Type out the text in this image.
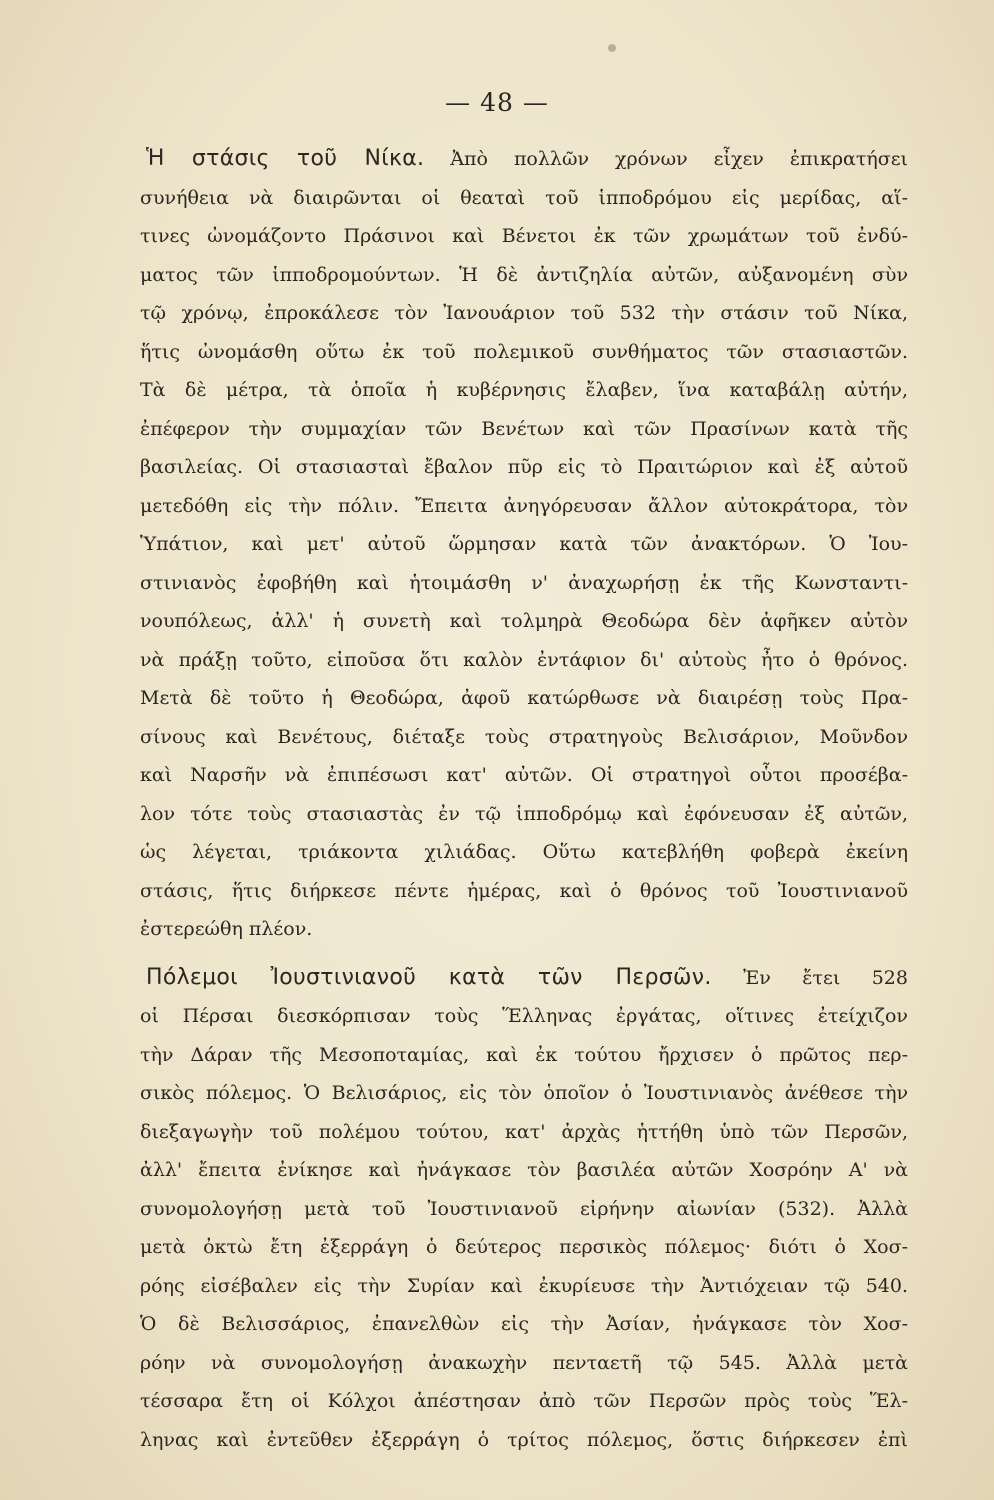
— 48 —
Ἡ στάσις τοῦ Νίκα. Ἀπὸ πολλῶν χρόνων εἶχεν ἐπικρατήσει
συνήθεια νὰ διαιρῶνται οἱ θεαταὶ τοῦ ἱπποδρόμου εἰς μερίδας, αἵ-
τινες ὠνομάζοντο Πράσινοι καὶ Βένετοι ἐκ τῶν χρωμάτων τοῦ ἐνδύ-
ματος τῶν ἱπποδρομούντων. Ἡ δὲ ἀντιζηλία αὐτῶν, αὐξανομένη σὺν
τῷ χρόνῳ, ἐπροκάλεσε τὸν Ἰανουάριον τοῦ 532 τὴν στάσιν τοῦ Νίκα,
ἥτις ὠνομάσθη οὕτω ἐκ τοῦ πολεμικοῦ συνθήματος τῶν στασιαστῶν.
Τὰ δὲ μέτρα, τὰ ὁποῖα ἡ κυβέρνησις ἔλαβεν, ἵνα καταβάλῃ αὐτήν,
ἐπέφερον τὴν συμμαχίαν τῶν Βενέτων καὶ τῶν Πρασίνων κατὰ τῆς
βασιλείας. Οἱ στασιασταὶ ἔβαλον πῦρ εἰς τὸ Πραιτώριον καὶ ἐξ αὐτοῦ
μετεδόθη εἰς τὴν πόλιν. Ἔπειτα ἀνηγόρευσαν ἄλλον αὐτοκράτορα, τὸν
Ὑπάτιον, καὶ μετ' αὐτοῦ ὥρμησαν κατὰ τῶν ἀνακτόρων. Ὁ Ἰου-
στινιανὸς ἐφοβήθη καὶ ἡτοιμάσθη ν' ἀναχωρήσῃ ἐκ τῆς Κωνσταντι-
νουπόλεως, ἀλλ' ἡ συνετὴ καὶ τολμηρὰ Θεοδώρα δὲν ἀφῆκεν αὐτὸν
νὰ πράξῃ τοῦτο, εἰποῦσα ὅτι καλὸν ἐντάφιον δι' αὐτοὺς ἦτο ὁ θρόνος.
Μετὰ δὲ τοῦτο ἡ Θεοδώρα, ἀφοῦ κατώρθωσε νὰ διαιρέσῃ τοὺς Πρα-
σίνους καὶ Βενέτους, διέταξε τοὺς στρατηγοὺς Βελισάριον, Μοῦνδον
καὶ Ναρσῆν νὰ ἐπιπέσωσι κατ' αὐτῶν. Οἱ στρατηγοὶ οὗτοι προσέβα-
λον τότε τοὺς στασιαστὰς ἐν τῷ ἱπποδρόμῳ καὶ ἐφόνευσαν ἐξ αὐτῶν,
ὡς λέγεται, τριάκοντα χιλιάδας. Οὕτω κατεβλήθη φοβερὰ ἐκείνη
στάσις, ἥτις διήρκεσε πέντε ἡμέρας, καὶ ὁ θρόνος τοῦ Ἰουστινιανοῦ
ἐστερεώθη πλέον.
Πόλεμοι Ἰουστινιανοῦ κατὰ τῶν Περσῶν. Ἐν ἔτει 528
οἱ Πέρσαι διεσκόρπισαν τοὺς Ἕλληνας ἐργάτας, οἵτινες ἐτείχιζον
τὴν Δάραν τῆς Μεσοποταμίας, καὶ ἐκ τούτου ἤρχισεν ὁ πρῶτος περ-
σικὸς πόλεμος. Ὁ Βελισάριος, εἰς τὸν ὁποῖον ὁ Ἰουστινιανὸς ἀνέθεσε τὴν
διεξαγωγὴν τοῦ πολέμου τούτου, κατ' ἀρχὰς ἡττήθη ὑπὸ τῶν Περσῶν,
ἀλλ' ἔπειτα ἐνίκησε καὶ ἠνάγκασε τὸν βασιλέα αὐτῶν Χοσρόην Α' νὰ
συνομολογήσῃ μετὰ τοῦ Ἰουστινιανοῦ εἰρήνην αἰωνίαν (532). Ἀλλὰ
μετὰ ὀκτὼ ἔτη ἐξερράγη ὁ δεύτερος περσικὸς πόλεμος· διότι ὁ Χοσ-
ρόης εἰσέβαλεν εἰς τὴν Συρίαν καὶ ἐκυρίευσε τὴν Ἀντιόχειαν τῷ 540.
Ὁ δὲ Βελισσάριος, ἐπανελθὼν εἰς τὴν Ἀσίαν, ἠνάγκασε τὸν Χοσ-
ρόην νὰ συνομολογήσῃ ἀνακωχὴν πενταετῆ τῷ 545. Ἀλλὰ μετὰ
τέσσαρα ἔτη οἱ Κόλχοι ἀπέστησαν ἀπὸ τῶν Περσῶν πρὸς τοὺς Ἕλ-
ληνας καὶ ἐντεῦθεν ἐξερράγη ὁ τρίτος πόλεμος, ὅστις διήρκεσεν ἐπὶ
